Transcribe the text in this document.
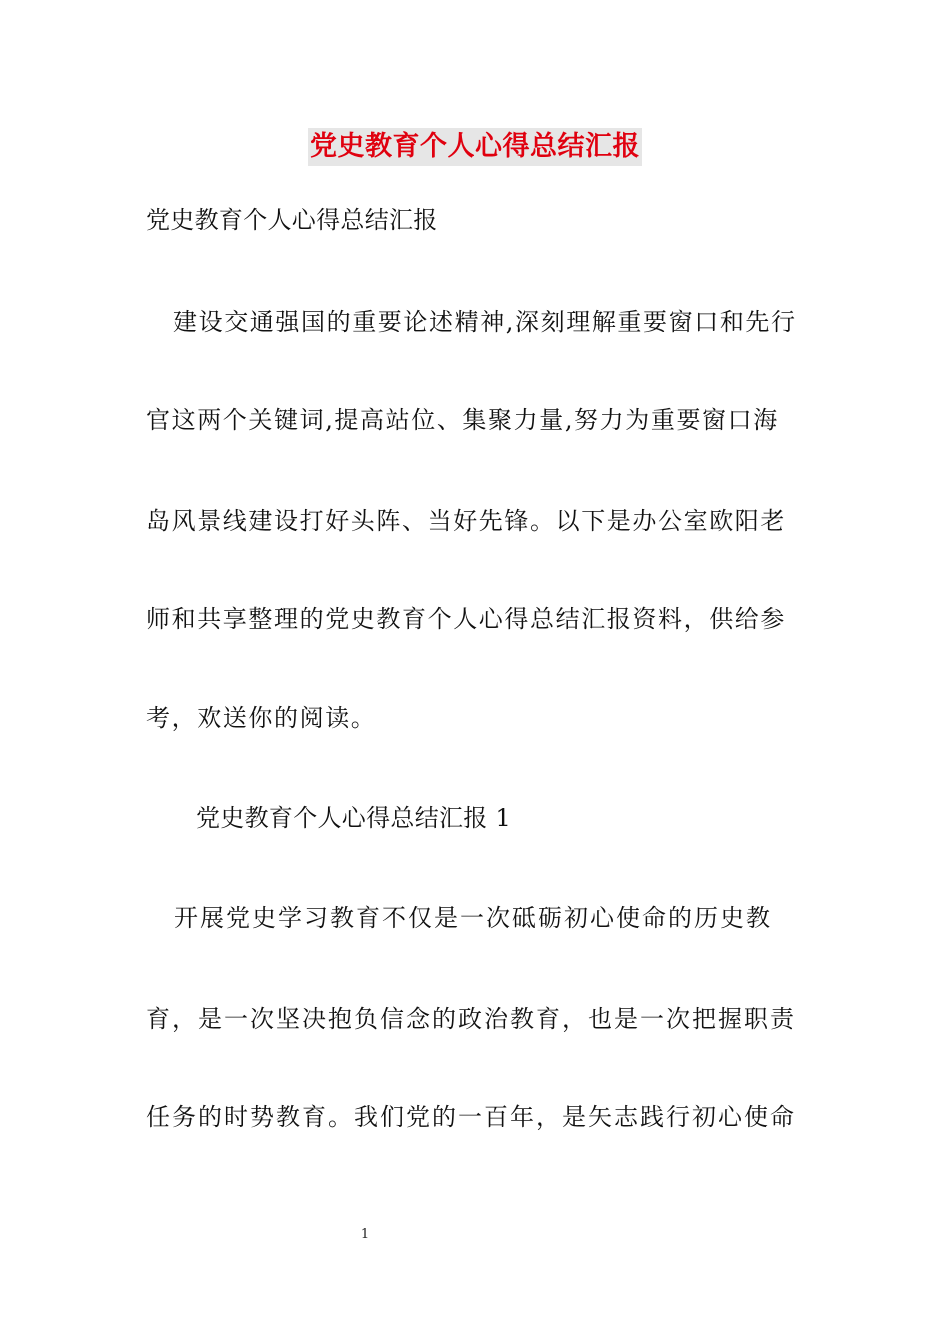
党史教育个人心得总结汇报
党史教育个人心得总结汇报
建设交通强国的重要论述精神,深刻理解重要窗口和先行
官这两个关键词,提高站位、集聚力量,努力为重要窗口海
岛风景线建设打好头阵、当好先锋。以下是办公室欧阳老
师和共享整理的党史教育个人心得总结汇报资料，供给参
考，欢送你的阅读。
党史教育个人心得总结汇报 1
开展党史学习教育不仅是一次砥砺初心使命的历史教
育，是一次坚决抱负信念的政治教育，也是一次把握职责
任务的时势教育。我们党的一百年，是矢志践行初心使命
1
